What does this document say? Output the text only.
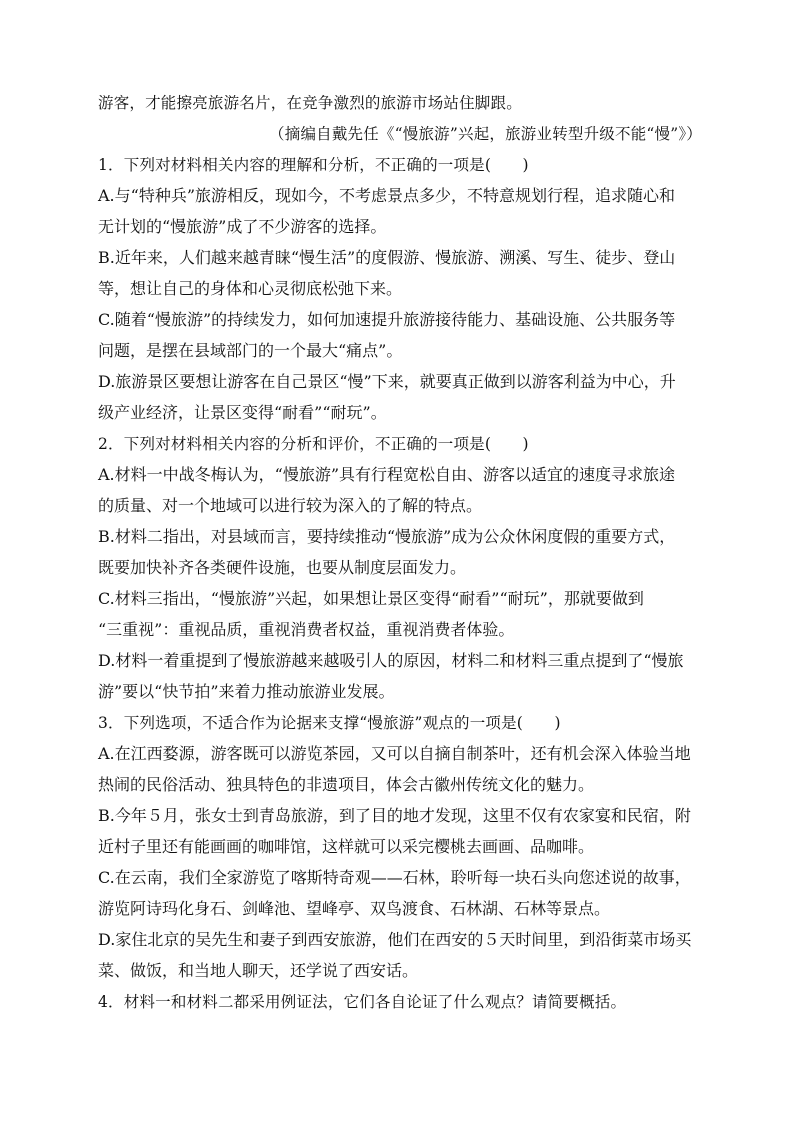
游客，才能擦亮旅游名片，在竞争激烈的旅游市场站住脚跟。
（摘编自戴先任《“慢旅游”兴起，旅游业转型升级不能“慢”》）
1．下列对材料相关内容的理解和分析，不正确的一项是(　　)
A.与“特种兵”旅游相反，现如今，不考虑景点多少，不特意规划行程，追求随心和
无计划的“慢旅游”成了不少游客的选择。
B.近年来，人们越来越青睐“慢生活”的度假游、慢旅游、溯溪、写生、徒步、登山
等，想让自己的身体和心灵彻底松弛下来。
C.随着“慢旅游”的持续发力，如何加速提升旅游接待能力、基础设施、公共服务等
问题，是摆在县域部门的一个最大“痛点”。
D.旅游景区要想让游客在自己景区“慢”下来，就要真正做到以游客利益为中心，升
级产业经济，让景区变得“耐看”“耐玩”。
2．下列对材料相关内容的分析和评价，不正确的一项是(　　)
A.材料一中战冬梅认为，“慢旅游”具有行程宽松自由、游客以适宜的速度寻求旅途
的质量、对一个地域可以进行较为深入的了解的特点。
B.材料二指出，对县域而言，要持续推动“慢旅游”成为公众休闲度假的重要方式，
既要加快补齐各类硬件设施，也要从制度层面发力。
C.材料三指出，“慢旅游”兴起，如果想让景区变得“耐看”“耐玩”，那就要做到
“三重视”：重视品质，重视消费者权益，重视消费者体验。
D.材料一着重提到了慢旅游越来越吸引人的原因，材料二和材料三重点提到了“慢旅
游”要以“快节拍”来着力推动旅游业发展。
3．下列选项，不适合作为论据来支撑“慢旅游”观点的一项是(　　)
A.在江西婺源，游客既可以游览茶园，又可以自摘自制茶叶，还有机会深入体验当地
热闹的民俗活动、独具特色的非遗项目，体会古徽州传统文化的魅力。
B.今年５月，张女士到青岛旅游，到了目的地才发现，这里不仅有农家宴和民宿，附
近村子里还有能画画的咖啡馆，这样就可以采完樱桃去画画、品咖啡。
C.在云南，我们全家游览了喀斯特奇观——石林，聆听每一块石头向您述说的故事，
游览阿诗玛化身石、剑峰池、望峰亭、双鸟渡食、石林湖、石林等景点。
D.家住北京的吴先生和妻子到西安旅游，他们在西安的５天时间里，到沿街菜市场买
菜、做饭，和当地人聊天，还学说了西安话。
4．材料一和材料二都采用例证法，它们各自论证了什么观点？请简要概括。
